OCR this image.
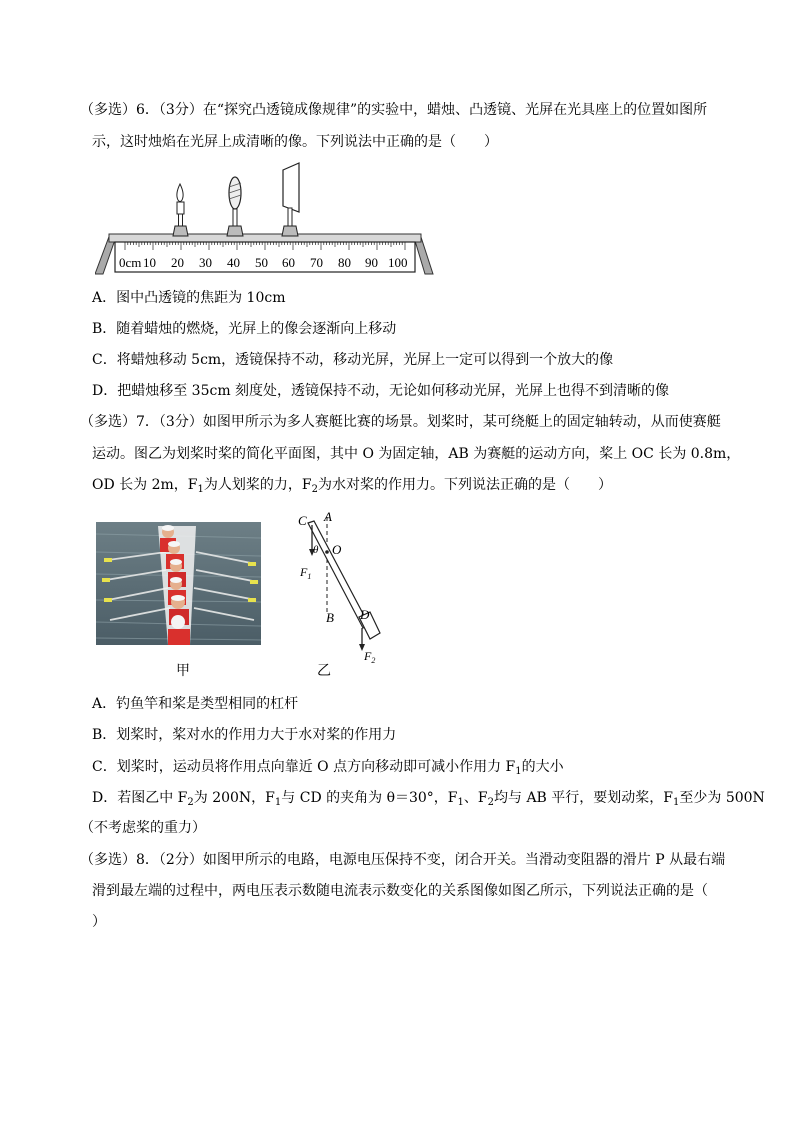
（多选）6．（3分）在“探究凸透镜成像规律”的实验中，蜡烛、凸透镜、光屏在光具座上的位置如图所
示，这时烛焰在光屏上成清晰的像。下列说法中正确的是（　　）
0cm 10 20 30 40 50 60 70 80 90 100
A．图中凸透镜的焦距为 10cm
B．随着蜡烛的燃烧，光屏上的像会逐渐向上移动
C．将蜡烛移动 5cm，透镜保持不动，移动光屏，光屏上一定可以得到一个放大的像
D．把蜡烛移至 35cm 刻度处，透镜保持不动，无论如何移动光屏，光屏上也得不到清晰的像
（多选）7．（3分）如图甲所示为多人赛艇比赛的场景。划桨时，某可绕艇上的固定轴转动，从而使赛艇
运动。图乙为划桨时桨的简化平面图，其中 O 为固定轴，AB 为赛艇的运动方向，桨上 OC 长为 0.8m，
OD 长为 2m，$F_1$为人划桨的力，$F_2$为水对桨的作用力。下列说法正确的是（　　）
甲
C A
O
θ
$F_1$
B D
$F_2$
乙
A．钓鱼竿和桨是类型相同的杠杆
B．划桨时，桨对水的作用力大于水对桨的作用力
C．划桨时，运动员将作用点向靠近 O 点方向移动即可减小作用力 $F_1$的大小
D．若图乙中 $F_2$为 200N，$F_1$与 CD 的夹角为 θ＝30°，$F_1$、$F_2$均与 AB 平行，要划动桨，$F_1$至少为 500N
（不考虑桨的重力）
（多选）8．（2分）如图甲所示的电路，电源电压保持不变，闭合开关。当滑动变阻器的滑片 P 从最右端
滑到最左端的过程中，两电压表示数随电流表示数变化的关系图像如图乙所示，下列说法正确的是（
）
